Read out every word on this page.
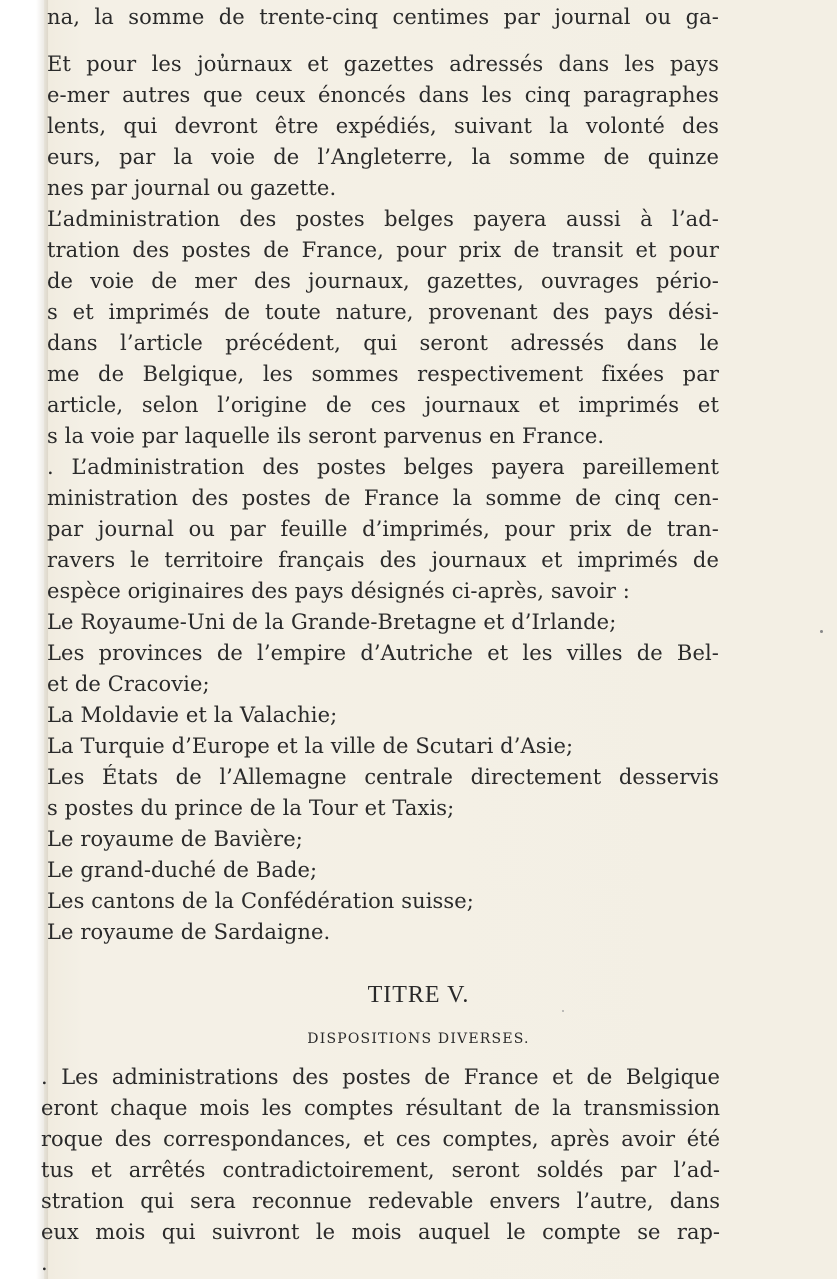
na, la somme de trente-cinq centimes par journal ou ga-
Et pour les jou̓rnaux et gazettes adressés dans les pays
e-mer autres que ceux énoncés dans les cinq paragraphes
lents, qui devront être expédiés, suivant la volonté des
eurs, par la voie de l’Angleterre, la somme de quinze
nes par journal ou gazette.
L’administration des postes belges payera aussi à l’ad-
tration des postes de France, pour prix de transit et pour
de voie de mer des journaux, gazettes, ouvrages pério-
s et imprimés de toute nature, provenant des pays dési-
dans l’article précédent, qui seront adressés dans le
me de Belgique, les sommes respectivement fixées par
article, selon l’origine de ces journaux et imprimés et
s la voie par laquelle ils seront parvenus en France.
. L’administration des postes belges payera pareillement
ministration des postes de France la somme de cinq cen-
par journal ou par feuille d’imprimés, pour prix de tran-
ravers le territoire français des journaux et imprimés de
espèce originaires des pays désignés ci-après, savoir :
Le Royaume-Uni de la Grande-Bretagne et d’Irlande;
Les provinces de l’empire d’Autriche et les villes de Bel-
et de Cracovie;
La Moldavie et la Valachie;
La Turquie d’Europe et la ville de Scutari d’Asie;
Les États de l’Allemagne centrale directement desservis
s postes du prince de la Tour et Taxis;
Le royaume de Bavière;
Le grand-duché de Bade;
Les cantons de la Confédération suisse;
Le royaume de Sardaigne.
TITRE V.
DISPOSITIONS DIVERSES.
. Les administrations des postes de France et de Belgique
eront chaque mois les comptes résultant de la transmission
roque des correspondances, et ces comptes, après avoir été
tus et arrêtés contradictoirement, seront soldés par l’ad-
stration qui sera reconnue redevable envers l’autre, dans
eux mois qui suivront le mois auquel le compte se rap-
.
